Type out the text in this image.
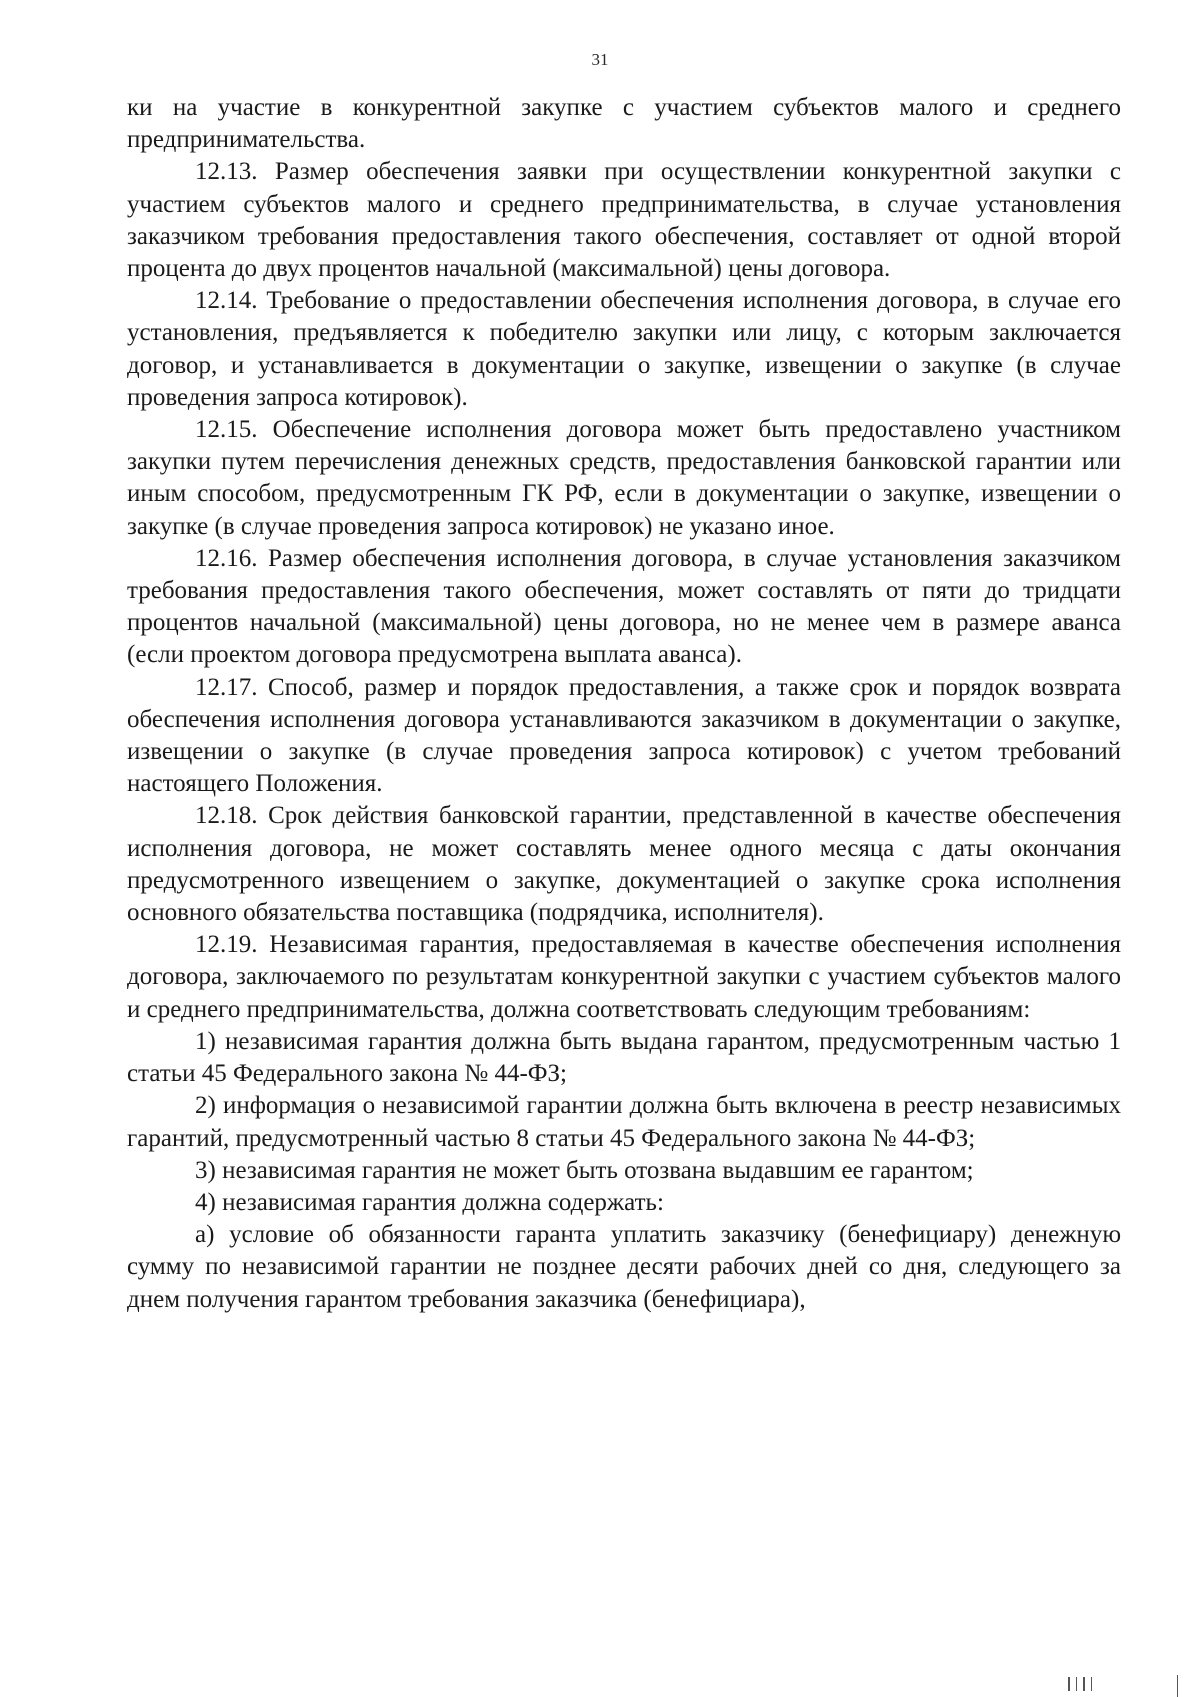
31

ки на участие в конкурентной закупке с участием субъектов малого и среднего предпринимательства.

12.13. Размер обеспечения заявки при осуществлении конкурентной закупки с участием субъектов малого и среднего предпринимательства, в случае установления заказчиком требования предоставления такого обеспечения, составляет от одной второй процента до двух процентов начальной (максимальной) цены договора.

12.14. Требование о предоставлении обеспечения исполнения договора, в случае его установления, предъявляется к победителю закупки или лицу, с которым заключается договор, и устанавливается в документации о закупке, извещении о закупке (в случае проведения запроса котировок).

12.15. Обеспечение исполнения договора может быть предоставлено участником закупки путем перечисления денежных средств, предоставления банковской гарантии или иным способом, предусмотренным ГК РФ, если в документации о закупке, извещении о закупке (в случае проведения запроса котировок) не указано иное.

12.16. Размер обеспечения исполнения договора, в случае установления заказчиком требования предоставления такого обеспечения, может составлять от пяти до тридцати процентов начальной (максимальной) цены договора, но не менее чем в размере аванса (если проектом договора предусмотрена выплата аванса).

12.17. Способ, размер и порядок предоставления, а также срок и порядок возврата обеспечения исполнения договора устанавливаются заказчиком в документации о закупке, извещении о закупке (в случае проведения запроса котировок) с учетом требований настоящего Положения.

12.18. Срок действия банковской гарантии, представленной в качестве обеспечения исполнения договора, не может составлять менее одного месяца с даты окончания предусмотренного извещением о закупке, документацией о закупке срока исполнения основного обязательства поставщика (подрядчика, исполнителя).

12.19. Независимая гарантия, предоставляемая в качестве обеспечения исполнения договора, заключаемого по результатам конкурентной закупки с участием субъектов малого и среднего предпринимательства, должна соответствовать следующим требованиям:

1) независимая гарантия должна быть выдана гарантом, предусмотренным частью 1 статьи 45 Федерального закона № 44-ФЗ;

2) информация о независимой гарантии должна быть включена в реестр независимых гарантий, предусмотренный частью 8 статьи 45 Федерального закона № 44-ФЗ;

3) независимая гарантия не может быть отозвана выдавшим ее гарантом;

4) независимая гарантия должна содержать:

а) условие об обязанности гаранта уплатить заказчику (бенефициару) денежную сумму по независимой гарантии не позднее десяти рабочих дней со дня, следующего за днем получения гарантом требования заказчика (бенефициара),
